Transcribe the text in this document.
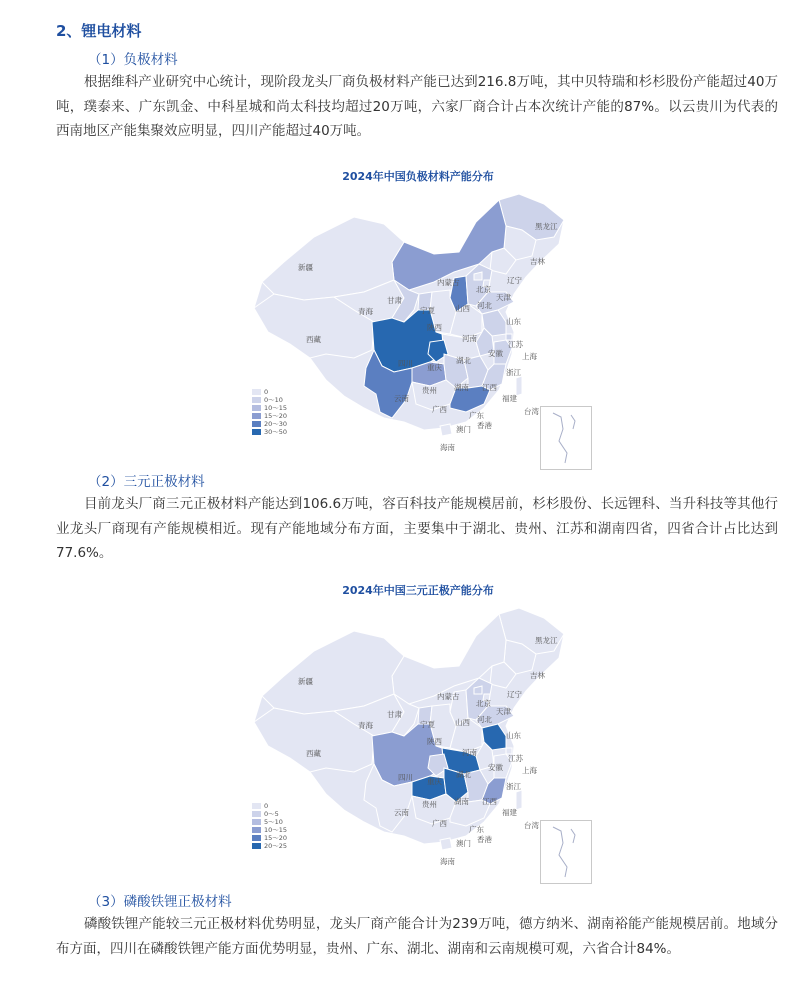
2、锂电材料
（1）负极材料

根据维科产业研究中心统计，现阶段龙头厂商负极材料产能已达到216.8万吨，其中贝特瑞和杉杉股份产能超过40万吨，璞泰来、广东凯金、中科星城和尚太科技均超过20万吨，六家厂商合计占本次统计产能的87%。以云贵川为代表的西南地区产能集聚效应明显，四川产能超过40万吨。

2024年中国负极材料产能分布
黑龙江
吉林
辽宁
内蒙古
新疆
西藏
青海
甘肃
宁夏	山西
陕西
北京
天津
河北
山东
河南
江苏
安徽	上海
湖北
四川 重庆
浙江
湖南 江西
贵州
云南	福建
广西
广东	台湾
香港
澳门
海南
0
0～10
10～15
15～20
20～30
30～50
（2）三元正极材料

目前龙头厂商三元正极材料产能达到106.6万吨，容百科技产能规模居前，杉杉股份、长远锂科、当升科技等其他行业龙头厂商现有产能规模相近。现有产能地域分布方面，主要集中于湖北、贵州、江苏和湖南四省，四省合计占比达到77.6%。

2024年中国三元正极产能分布
黑龙江
吉林
辽宁
内蒙古
新疆
西藏
青海
甘肃
宁夏	山西
陕西
北京
天津
河北
山东
河南
江苏
安徽	上海
湖北
四川 重庆
浙江
湖南 江西
贵州
云南	福建
广西
广东	台湾
香港
澳门
海南
0
0～5
5～10
10～15
15～20
20～25
（3）磷酸铁锂正极材料

磷酸铁锂产能较三元正极材料优势明显，龙头厂商产能合计为239万吨，德方纳米、湖南裕能产能规模居前。地域分布方面，四川在磷酸铁锂产能方面优势明显，贵州、广东、湖北、湖南和云南规模可观，六省合计84%。
